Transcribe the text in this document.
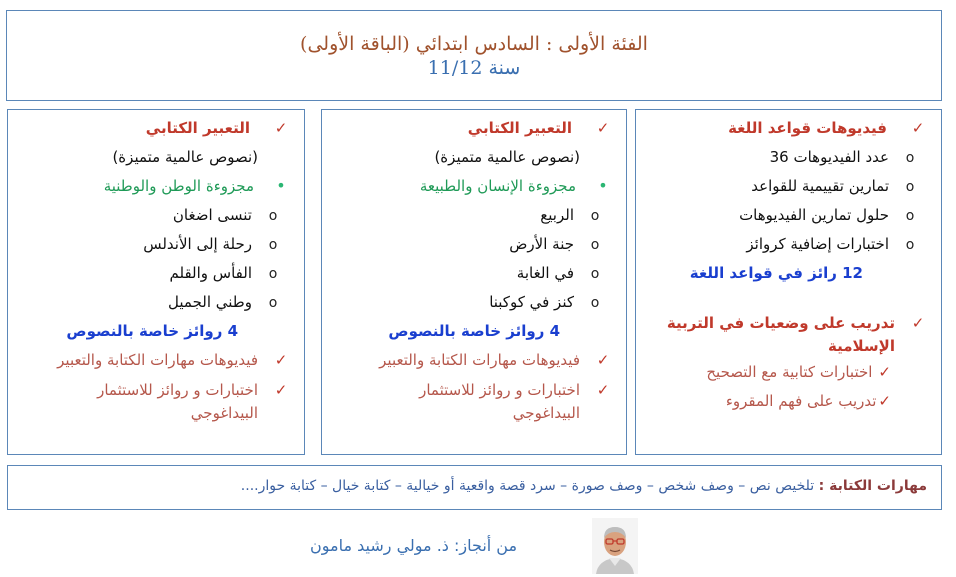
الفئة الأولى : السادس ابتدائي (الباقة الأولى)
11/12 سنة
✓
فيديوهات قواعد اللغة
o
عدد الفيديوهات 36
o
تمارين تقييمية للقواعد
o
حلول تمارين الفيديوهات
o
اختبارات إضافية كروائز
12 رائز في قواعد اللغة
✓
تدريب على وضعيات في التربية الإسلامية
✓
اختبارات كتابية مع التصحيح
✓
تدريب على فهم المقروء
✓
التعبير الكتابي
(نصوص عالمية متميزة)
•
مجزوءة الإنسان والطبيعة
o
الربيع
o
جنة الأرض
o
في الغابة
o
كنز في كوكبنا
4 روائز خاصة بالنصوص
✓
فيديوهات مهارات الكتابة والتعبير
✓
اختبارات و روائز للاستثمار البيداغوجي
✓
التعبير الكتابي
(نصوص عالمية متميزة)
•
مجزوءة الوطن والوطنية
o
تنسى اضغان
o
رحلة إلى الأندلس
o
الفأس والقلم
o
وطني الجميل
4 روائز خاصة بالنصوص
✓
فيديوهات مهارات الكتابة والتعبير
✓
اختبارات و روائز للاستثمار البيداغوجي
مهارات الكتابة : تلخيص نص – وصف شخص – وصف صورة – سرد قصة واقعية أو خيالية – كتابة خيال – كتابة حوار....
من أنجاز: ذ. مولي رشيد مامون
